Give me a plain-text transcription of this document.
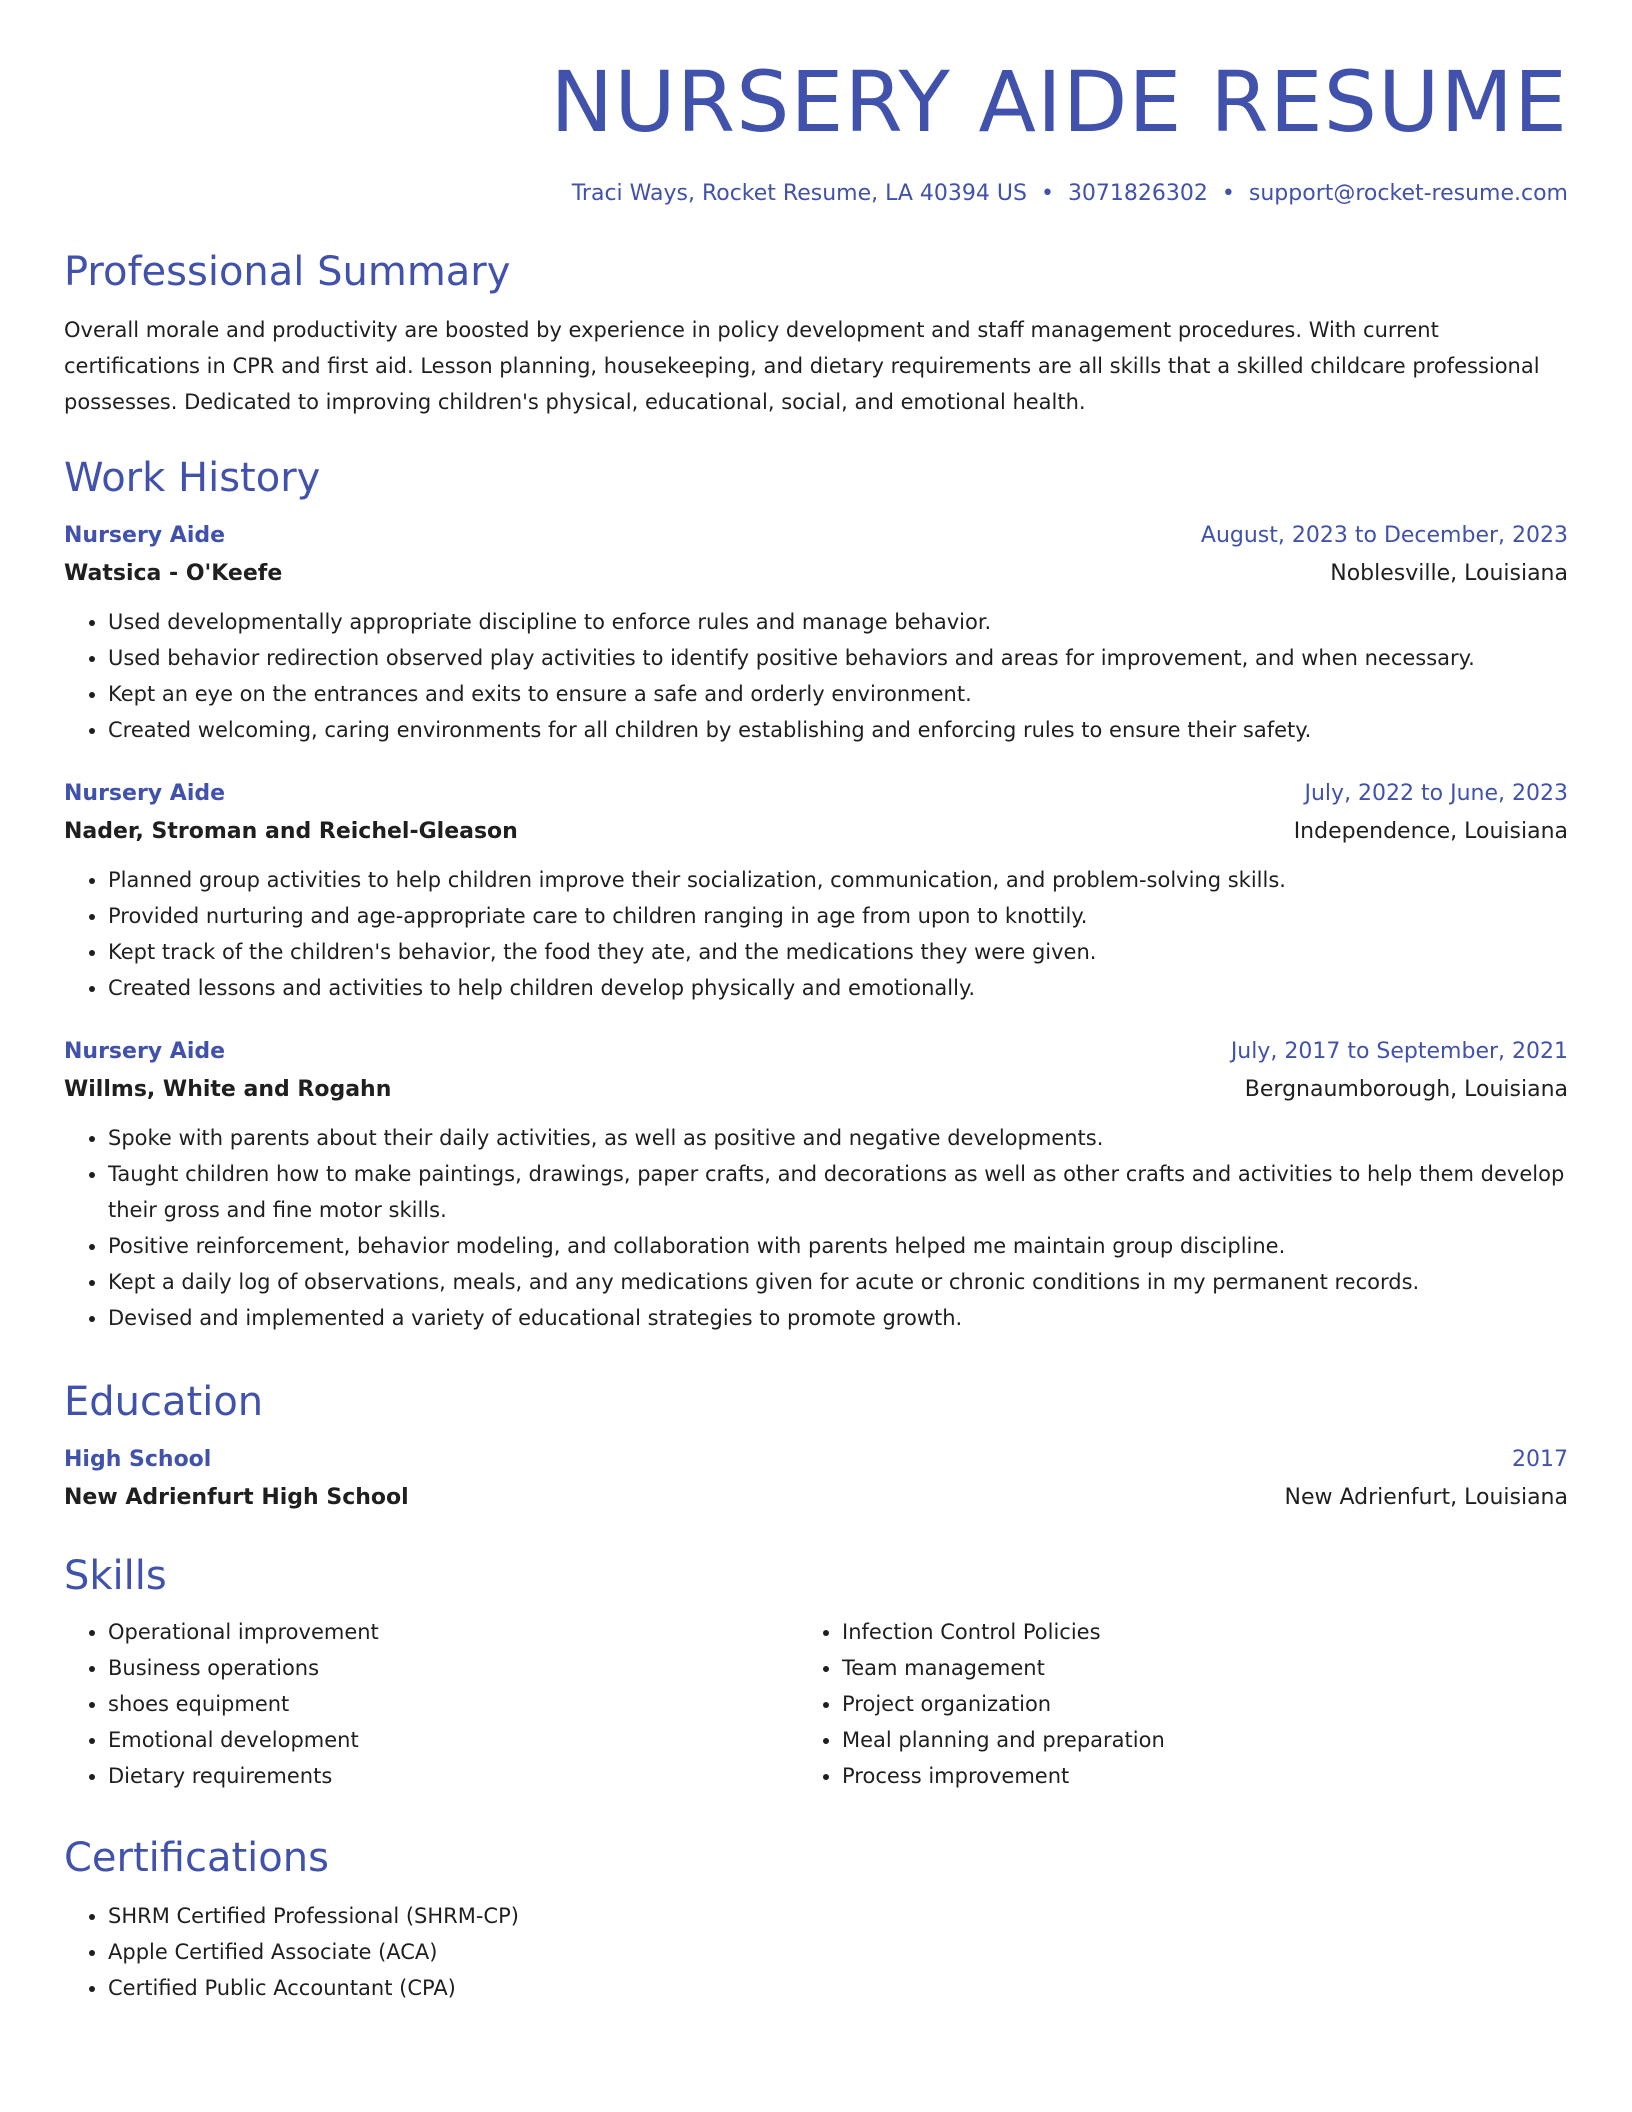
NURSERY AIDE RESUME
Traci Ways, Rocket Resume, LA 40394 US • 3071826302 • support@rocket-resume.com
Professional Summary

Overall morale and productivity are boosted by experience in policy development and staff management procedures. With current certifications in CPR and first aid. Lesson planning, housekeeping, and dietary requirements are all skills that a skilled childcare professional possesses. Dedicated to improving children's physical, educational, social, and emotional health.

Work History
Nursery Aide	August, 2023 to December, 2023
Watsica - O'Keefe	Noblesville, Louisiana
• Used developmentally appropriate discipline to enforce rules and manage behavior.
• Used behavior redirection observed play activities to identify positive behaviors and areas for improvement, and when necessary.
• Kept an eye on the entrances and exits to ensure a safe and orderly environment.
• Created welcoming, caring environments for all children by establishing and enforcing rules to ensure their safety.
Nursery Aide	July, 2022 to June, 2023
Nader, Stroman and Reichel-Gleason	Independence, Louisiana
• Planned group activities to help children improve their socialization, communication, and problem-solving skills.
• Provided nurturing and age-appropriate care to children ranging in age from upon to knottily.
• Kept track of the children's behavior, the food they ate, and the medications they were given.
• Created lessons and activities to help children develop physically and emotionally.
Nursery Aide	July, 2017 to September, 2021
Willms, White and Rogahn	Bergnaumborough, Louisiana
• Spoke with parents about their daily activities, as well as positive and negative developments.
• Taught children how to make paintings, drawings, paper crafts, and decorations as well as other crafts and activities to help them develop their gross and fine motor skills.
• Positive reinforcement, behavior modeling, and collaboration with parents helped me maintain group discipline.
• Kept a daily log of observations, meals, and any medications given for acute or chronic conditions in my permanent records.
• Devised and implemented a variety of educational strategies to promote growth.
Education
High School	2017
New Adrienfurt High School	New Adrienfurt, Louisiana
Skills
• Operational improvement
• Business operations
• shoes equipment
• Emotional development
• Dietary requirements
• Infection Control Policies
• Team management
• Project organization
• Meal planning and preparation
• Process improvement
Certifications
• SHRM Certified Professional (SHRM-CP)
• Apple Certified Associate (ACA)
• Certified Public Accountant (CPA)
